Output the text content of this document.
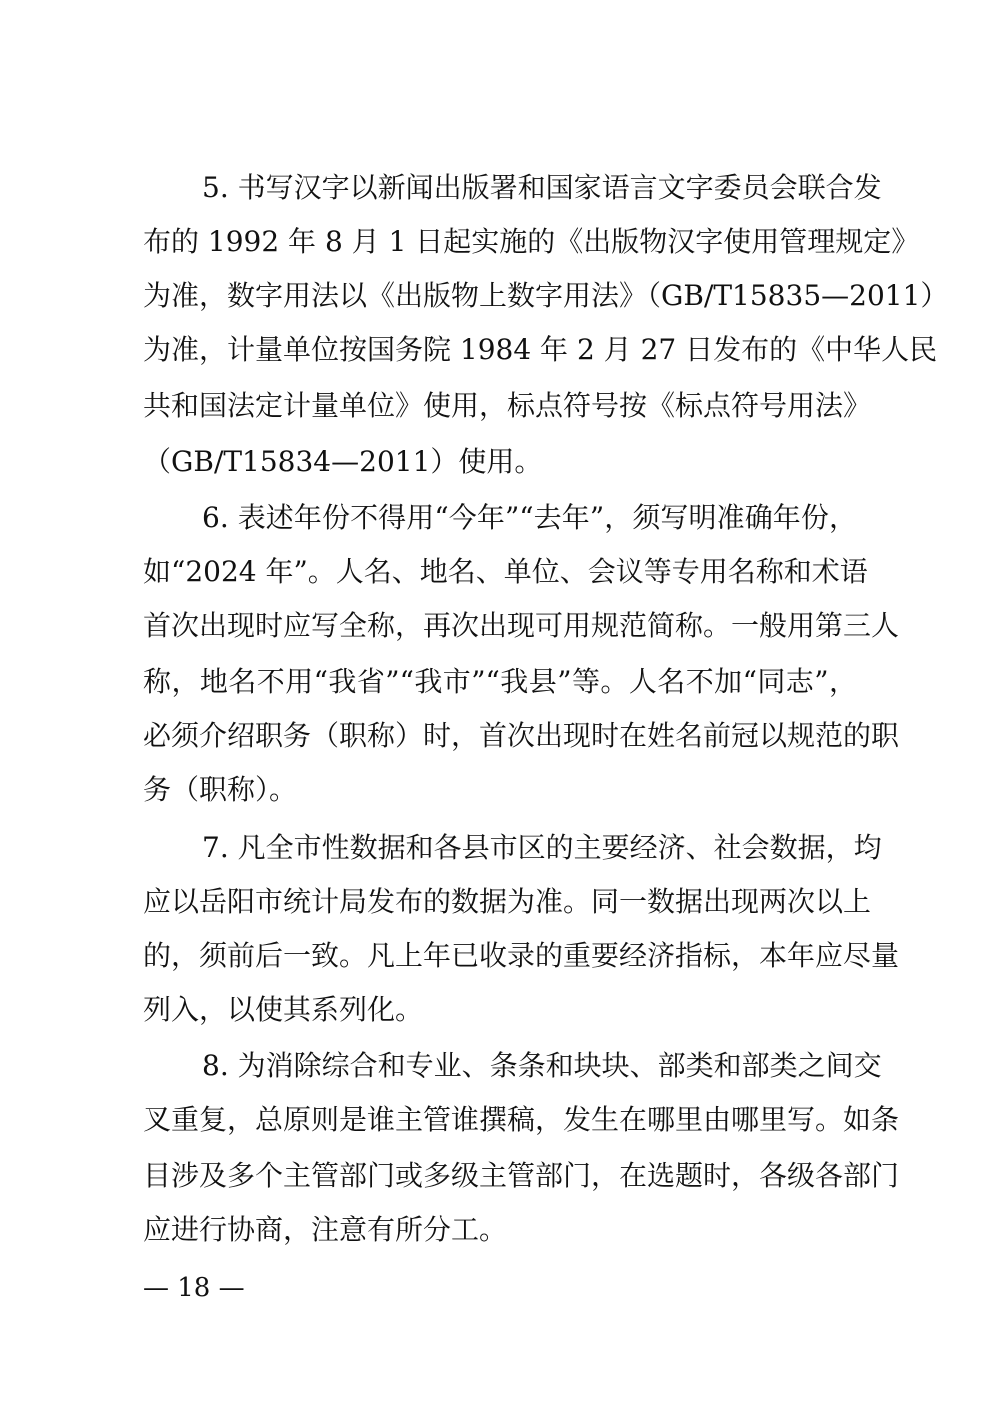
5. 书写汉字以新闻出版署和国家语言文字委员会联合发
布的 1992 年 8 月 1 日起实施的《出版物汉字使用管理规定》
为准，数字用法以《出版物上数字用法》（GB/T15835—2011）
为准，计量单位按国务院 1984 年 2 月 27 日发布的《中华人民
共和国法定计量单位》使用，标点符号按《标点符号用法》
（GB/T15834—2011）使用。
6. 表述年份不得用“今年”“去年”，须写明准确年份，
如“2024 年”。人名、地名、单位、会议等专用名称和术语
首次出现时应写全称，再次出现可用规范简称。一般用第三人
称，地名不用“我省”“我市”“我县”等。人名不加“同志”，
必须介绍职务（职称）时，首次出现时在姓名前冠以规范的职
务（职称）。
7. 凡全市性数据和各县市区的主要经济、社会数据，均
应以岳阳市统计局发布的数据为准。同一数据出现两次以上
的，须前后一致。凡上年已收录的重要经济指标，本年应尽量
列入，以使其系列化。
8. 为消除综合和专业、条条和块块、部类和部类之间交
叉重复，总原则是谁主管谁撰稿，发生在哪里由哪里写。如条
目涉及多个主管部门或多级主管部门，在选题时，各级各部门
应进行协商，注意有所分工。
— 18 —
